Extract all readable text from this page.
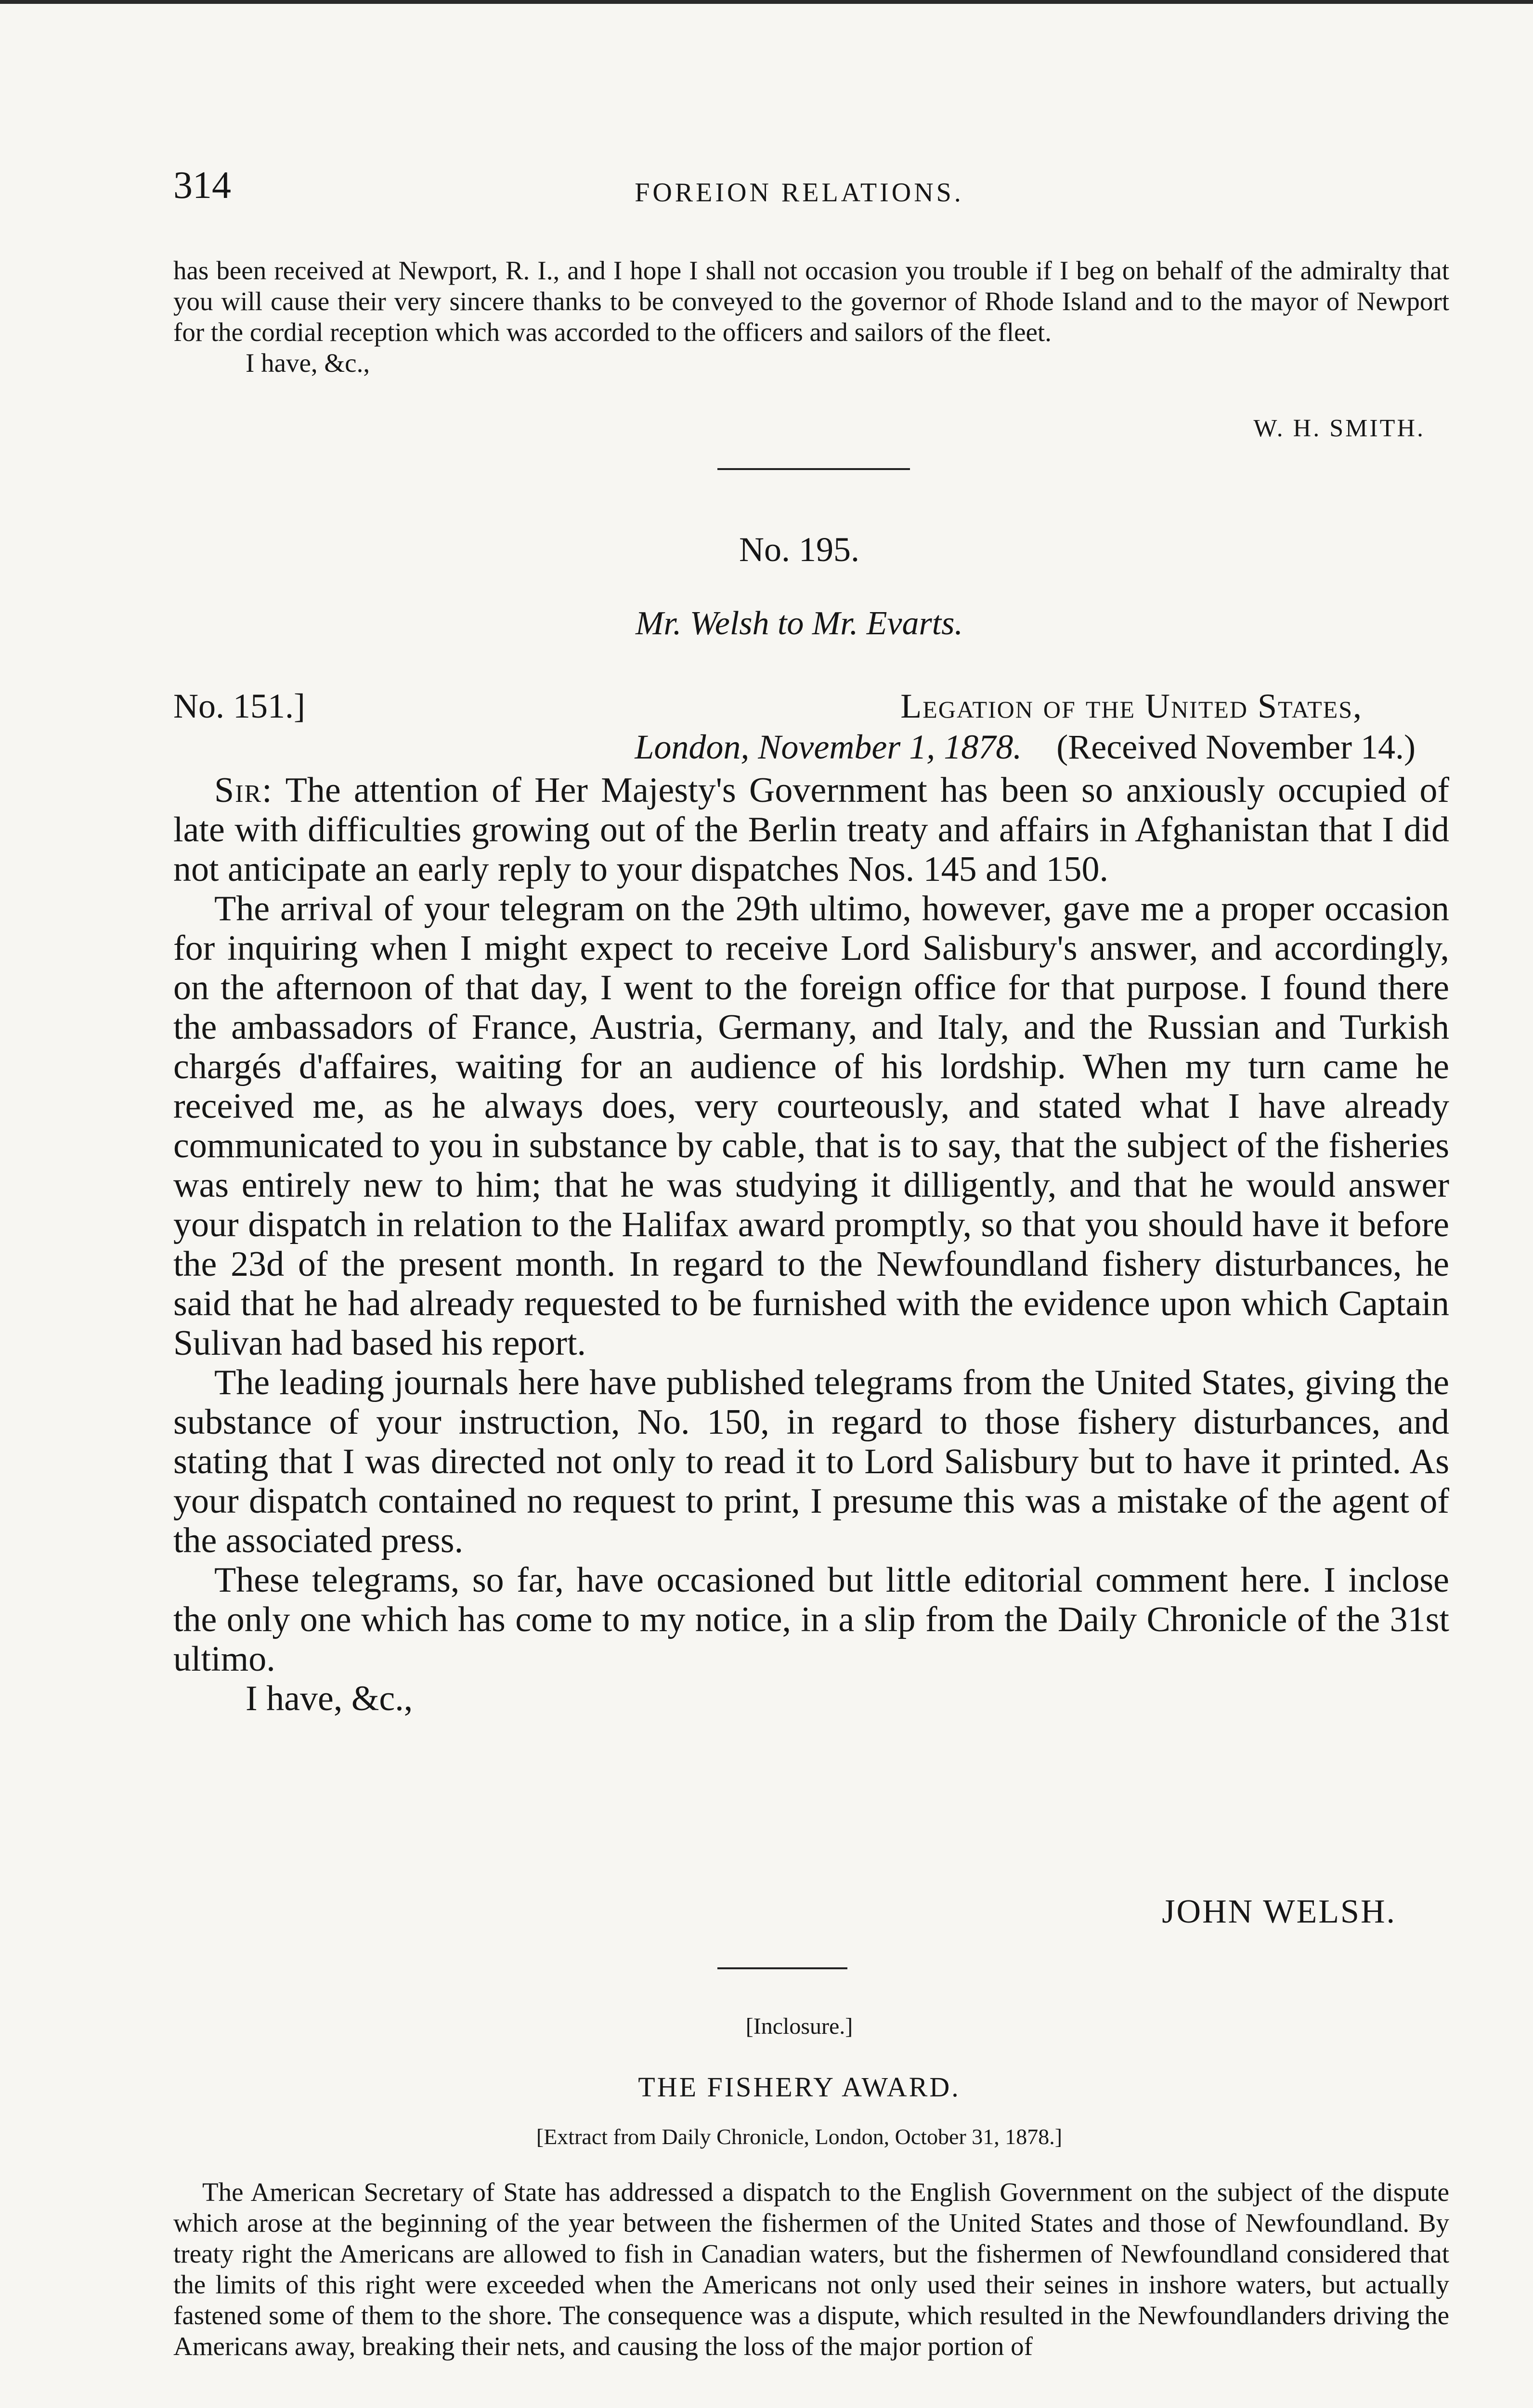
314	FOREION RELATIONS.

has been received at Newport, R. I., and I hope I shall not occasion you trouble if I beg on behalf of the admiralty that you will cause their very sincere thanks to be conveyed to the governor of Rhode Island and to the mayor of Newport for the cordial reception which was accorded to the officers and sailors of the fleet.

I have, &c.,
W. H. SMITH.
No. 195.
Mr. Welsh to Mr. Evarts.
No. 151.]	Legation of the United States,
London, November 1, 1878. (Received November 14.)

Sir: The attention of Her Majesty's Government has been so anxiously occupied of late with difficulties growing out of the Berlin treaty and affairs in Afghanistan that I did not anticipate an early reply to your dispatches Nos. 145 and 150.

The arrival of your telegram on the 29th ultimo, however, gave me a proper occasion for inquiring when I might expect to receive Lord Salisbury's answer, and accordingly, on the afternoon of that day, I went to the foreign office for that purpose. I found there the ambassadors of France, Austria, Germany, and Italy, and the Russian and Turkish chargés d'affaires, waiting for an audience of his lordship. When my turn came he received me, as he always does, very courteously, and stated what I have already communicated to you in substance by cable, that is to say, that the subject of the fisheries was entirely new to him; that he was studying it dilligently, and that he would answer your dispatch in relation to the Halifax award promptly, so that you should have it before the 23d of the present month. In regard to the Newfoundland fishery disturbances, he said that he had already requested to be furnished with the evidence upon which Captain Sulivan had based his report.

The leading journals here have published telegrams from the United States, giving the substance of your instruction, No. 150, in regard to those fishery disturbances, and stating that I was directed not only to read it to Lord Salisbury but to have it printed. As your dispatch contained no request to print, I presume this was a mistake of the agent of the associated press.

These telegrams, so far, have occasioned but little editorial comment here. I inclose the only one which has come to my notice, in a slip from the Daily Chronicle of the 31st ultimo.

I have, &c.,
JOHN WELSH.
[Inclosure.]
THE FISHERY AWARD.
[Extract from Daily Chronicle, London, October 31, 1878.]

The American Secretary of State has addressed a dispatch to the English Government on the subject of the dispute which arose at the beginning of the year between the fishermen of the United States and those of Newfoundland. By treaty right the Americans are allowed to fish in Canadian waters, but the fishermen of Newfoundland considered that the limits of this right were exceeded when the Americans not only used their seines in inshore waters, but actually fastened some of them to the shore. The consequence was a dispute, which resulted in the Newfoundlanders driving the Americans away, breaking their nets, and causing the loss of the major portion of
